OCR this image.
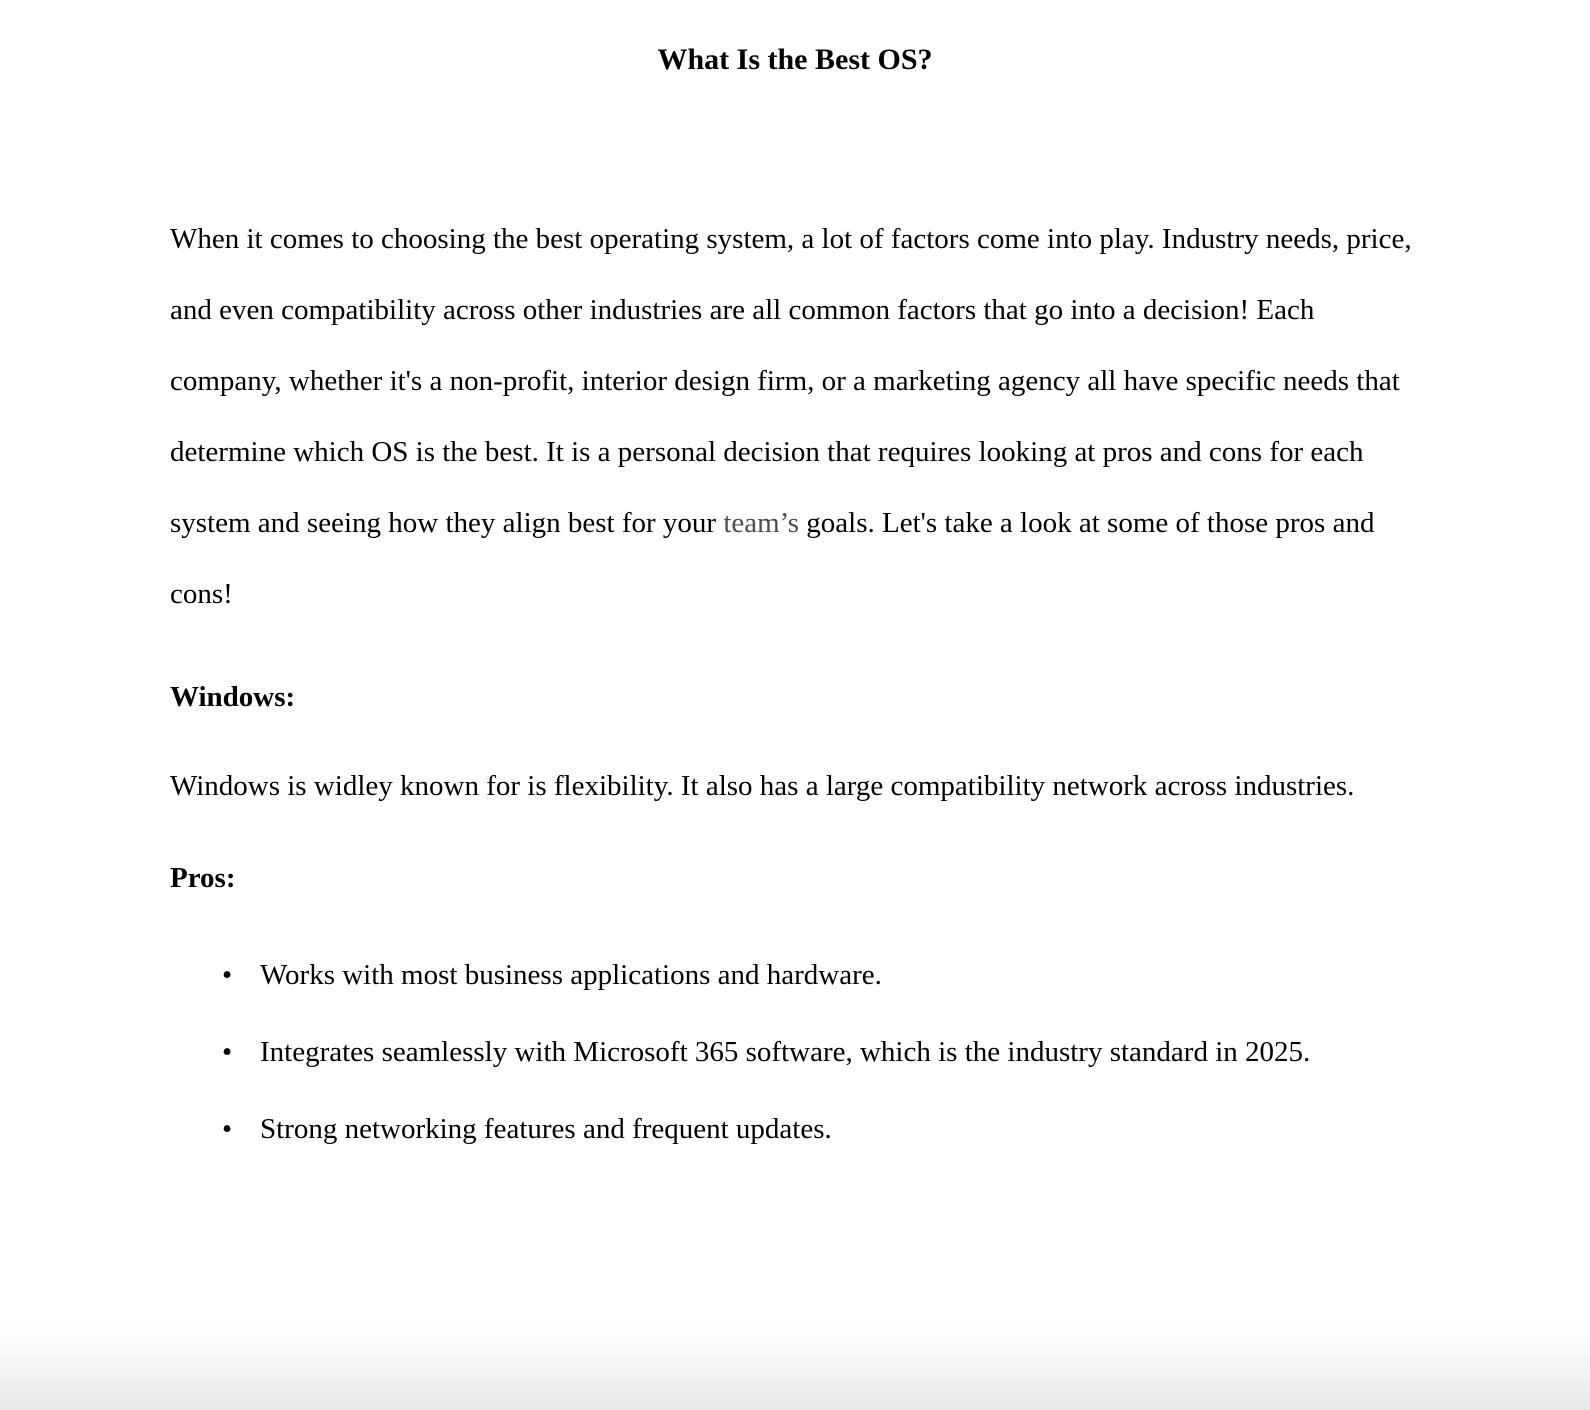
What Is the Best OS?

When it comes to choosing the best operating system, a lot of factors come into play. Industry needs, price, and even compatibility across other industries are all common factors that go into a decision! Each company, whether it's a non-profit, interior design firm, or a marketing agency all have specific needs that determine which OS is the best. It is a personal decision that requires looking at pros and cons for each system and seeing how they align best for your team’s goals. Let's take a look at some of those pros and cons!

Windows:

Windows is widley known for is flexibility. It also has a large compatibility network across industries.

Pros:
• Works with most business applications and hardware.
• Integrates seamlessly with Microsoft 365 software, which is the industry standard in 2025.
• Strong networking features and frequent updates.
